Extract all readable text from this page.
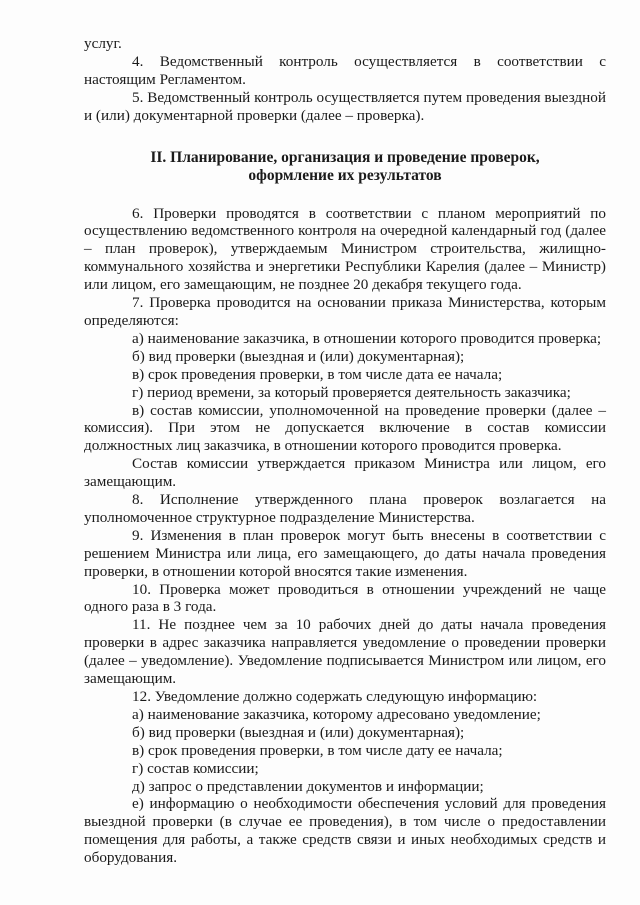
услуг.

4. Ведомственный контроль осуществляется в соответствии с настоящим Регламентом.

5. Ведомственный контроль осуществляется путем проведения выездной и (или) документарной проверки (далее – проверка).

II. Планирование, организация и проведение проверок,
оформление их результатов

6. Проверки проводятся в соответствии с планом мероприятий по осуществлению ведомственного контроля на очередной календарный год (далее – план проверок), утверждаемым Министром строительства, жилищно-коммунального хозяйства и энергетики Республики Карелия (далее – Министр) или лицом, его замещающим, не позднее 20 декабря текущего года.

7. Проверка проводится на основании приказа Министерства, которым определяются:

а) наименование заказчика, в отношении которого проводится проверка;

б) вид проверки (выездная и (или) документарная);

в) срок проведения проверки, в том числе дата ее начала;

г) период времени, за который проверяется деятельность заказчика;

в) состав комиссии, уполномоченной на проведение проверки (далее – комиссия). При этом не допускается включение в состав комиссии должностных лиц заказчика, в отношении которого проводится проверка.

Состав комиссии утверждается приказом Министра или лицом, его замещающим.

8. Исполнение утвержденного плана проверок возлагается на уполномоченное структурное подразделение Министерства.

9. Изменения в план проверок могут быть внесены в соответствии с решением Министра или лица, его замещающего, до даты начала проведения проверки, в отношении которой вносятся такие изменения.

10. Проверка может проводиться в отношении учреждений не чаще одного раза в 3 года.

11. Не позднее чем за 10 рабочих дней до даты начала проведения проверки в адрес заказчика направляется уведомление о проведении проверки (далее – уведомление). Уведомление подписывается Министром или лицом, его замещающим.

12. Уведомление должно содержать следующую информацию:

а) наименование заказчика, которому адресовано уведомление;

б) вид проверки (выездная и (или) документарная);

в) срок проведения проверки, в том числе дату ее начала;

г) состав комиссии;

д) запрос о представлении документов и информации;

е) информацию о необходимости обеспечения условий для проведения выездной проверки (в случае ее проведения), в том числе о предоставлении помещения для работы, а также средств связи и иных необходимых средств и оборудования.
